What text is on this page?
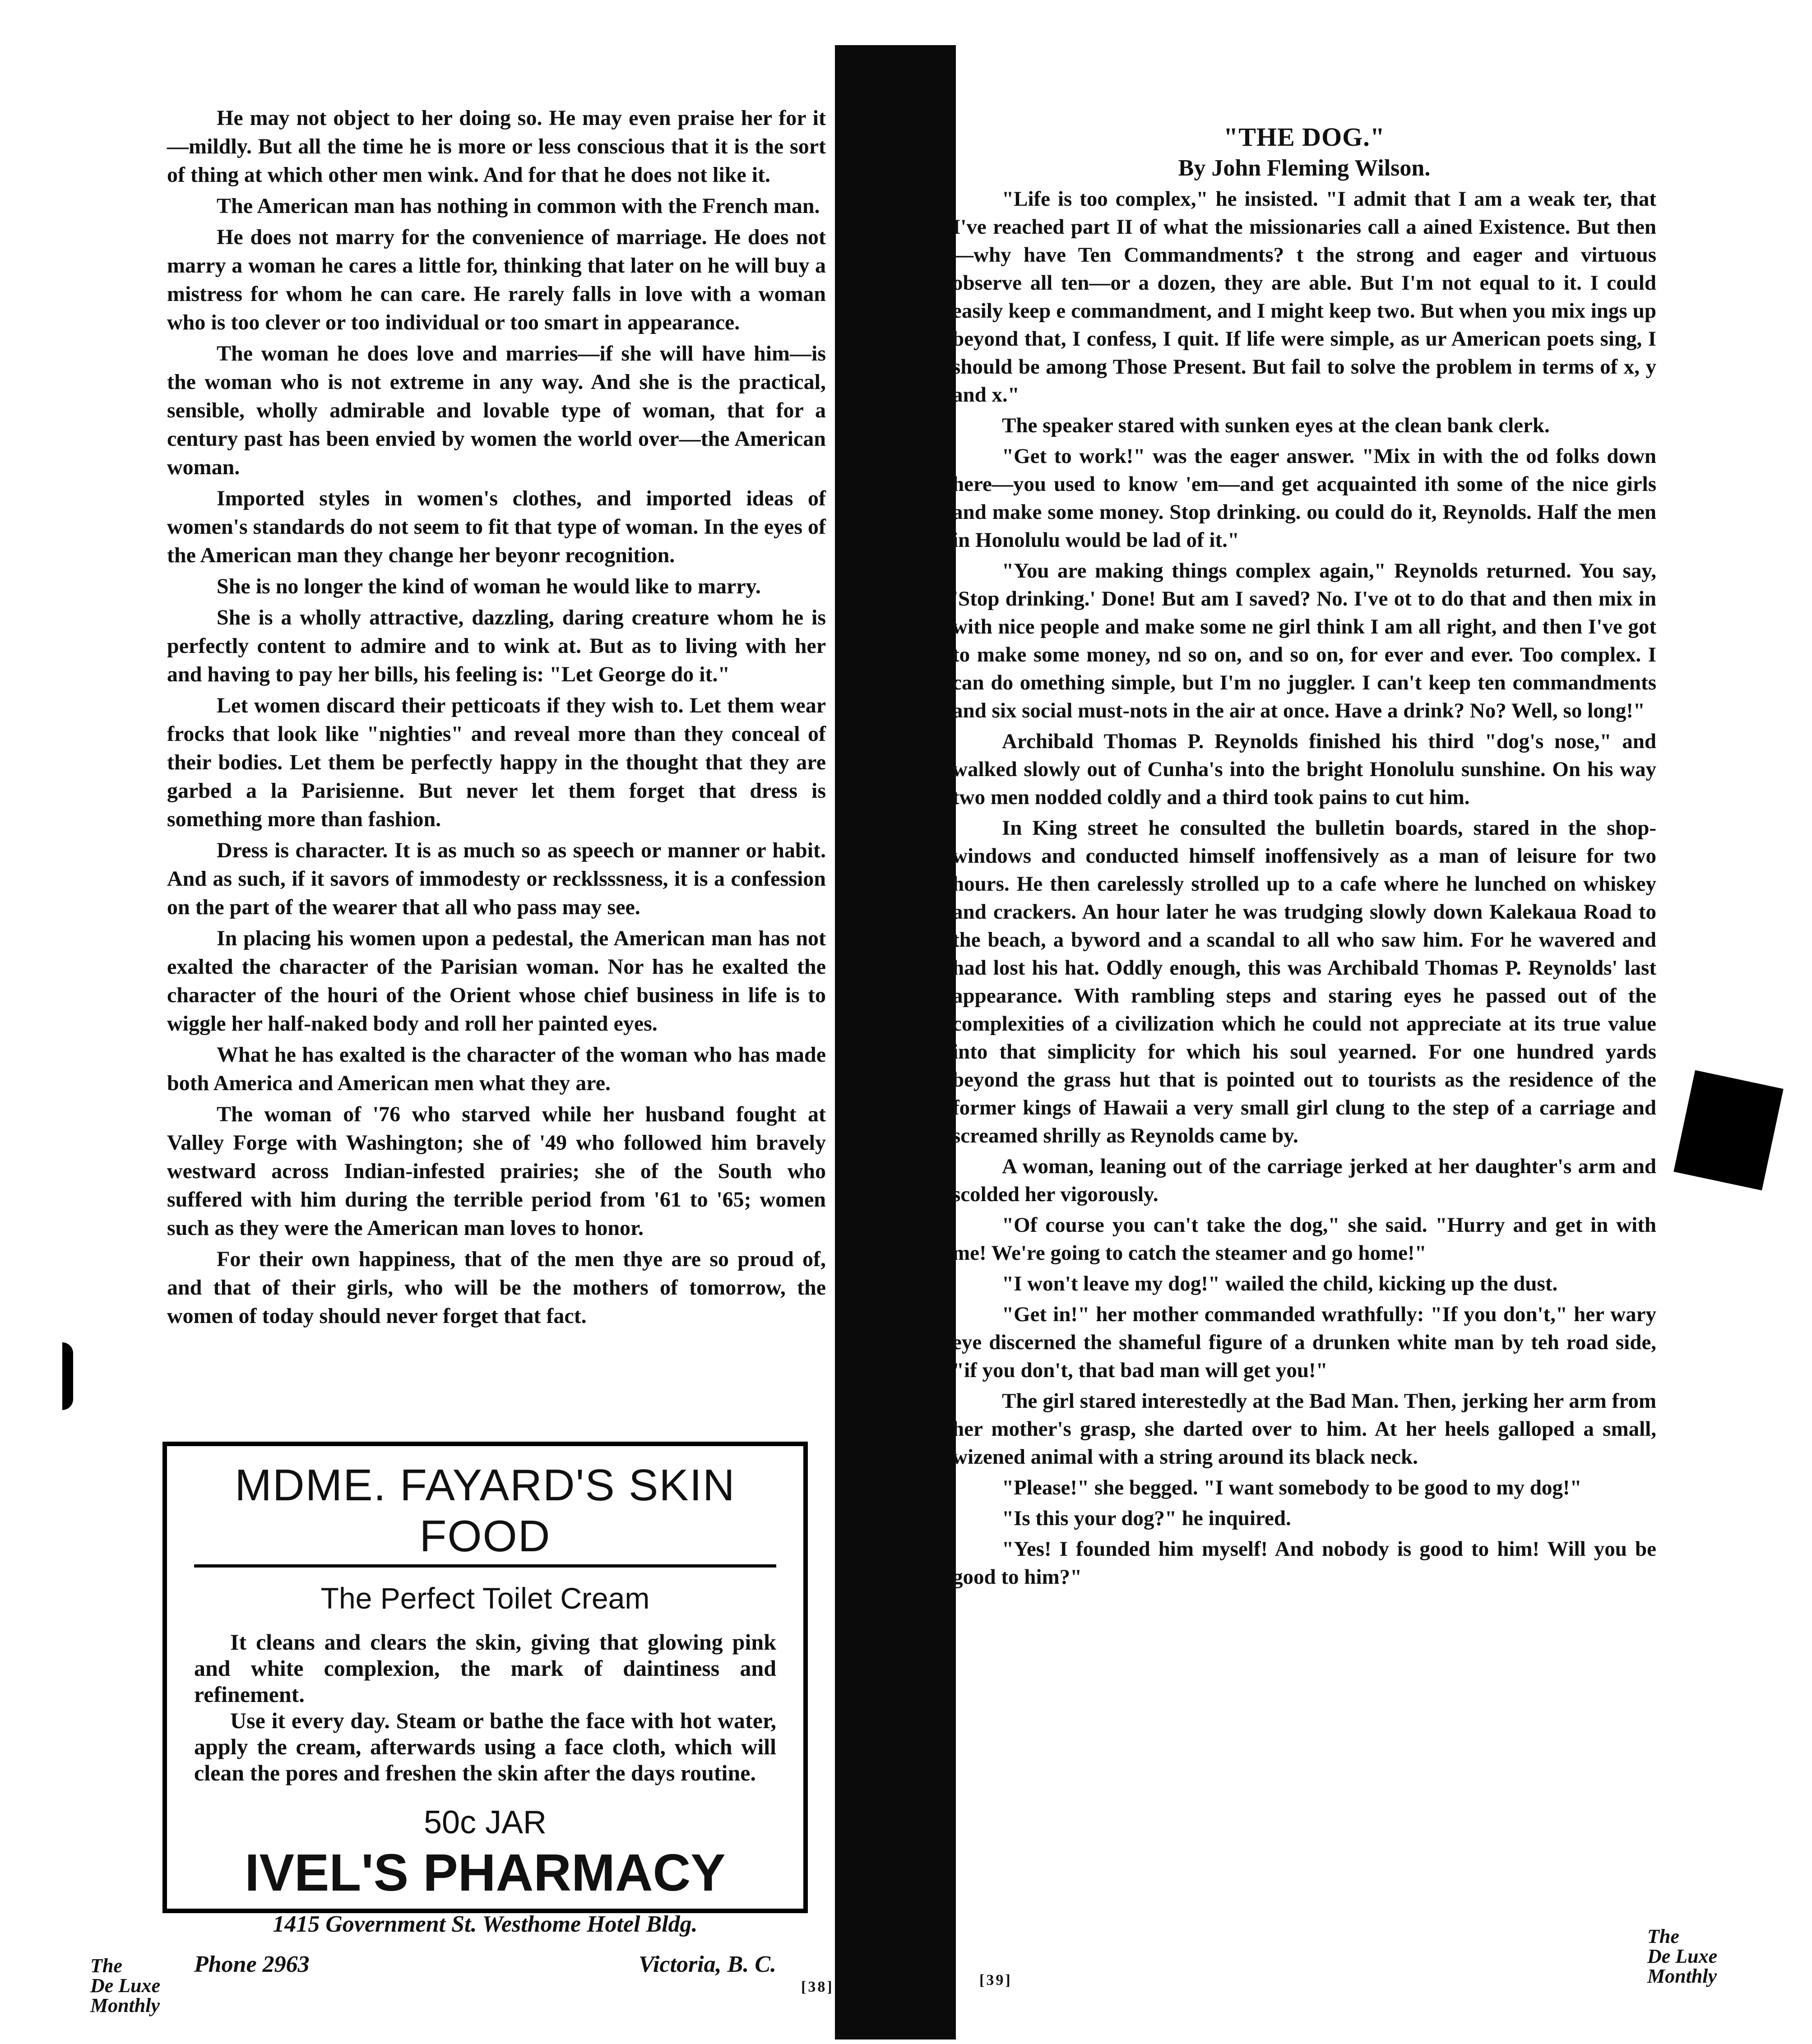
He may not object to her doing so. He may even praise her for it—mildly. But all the time he is more or less conscious that it is the sort of thing at which other men wink. And for that he does not like it.

The American man has nothing in common with the French man.

He does not marry for the convenience of marriage. He does not marry a woman he cares a little for, thinking that later on he will buy a mistress for whom he can care. He rarely falls in love with a woman who is too clever or too individual or too smart in appearance.

The woman he does love and marries—if she will have him—is the woman who is not extreme in any way. And she is the practical, sensible, wholly admirable and lovable type of woman, that for a century past has been envied by women the world over—the American woman.

Imported styles in women's clothes, and imported ideas of women's standards do not seem to fit that type of woman. In the eyes of the American man they change her beyonr recognition.

She is no longer the kind of woman he would like to marry.

She is a wholly attractive, dazzling, daring creature whom he is perfectly content to admire and to wink at. But as to living with her and having to pay her bills, his feeling is: "Let George do it."

Let women discard their petticoats if they wish to. Let them wear frocks that look like "nighties" and reveal more than they conceal of their bodies. Let them be perfectly happy in the thought that they are garbed a la Parisienne. But never let them forget that dress is something more than fashion.

Dress is character. It is as much so as speech or manner or habit. And as such, if it savors of immodesty or recklsssness, it is a confession on the part of the wearer that all who pass may see.

In placing his women upon a pedestal, the American man has not exalted the character of the Parisian woman. Nor has he exalted the character of the houri of the Orient whose chief business in life is to wiggle her half-naked body and roll her painted eyes.

What he has exalted is the character of the woman who has made both America and American men what they are.

The woman of '76 who starved while her husband fought at Valley Forge with Washington; she of '49 who followed him bravely westward across Indian-infested prairies; she of the South who suffered with him during the terrible period from '61 to '65; women such as they were the American man loves to honor.

For their own happiness, that of the men thye are so proud of, and that of their girls, who will be the mothers of tomorrow, the women of today should never forget that fact.

MDME. FAYARD'S SKIN FOOD
The Perfect Toilet Cream

It cleans and clears the skin, giving that glowing pink and white complexion, the mark of daintiness and refinement.

Use it every day. Steam or bathe the face with hot water, apply the cream, afterwards using a face cloth, which will clean the pores and freshen the skin after the days routine.

50c JAR
IVEL'S PHARMACY
1415 Government St. Westhome Hotel Bldg.
Phone 2963	Victoria, B. C.
The
De Luxe
Monthly
[38]
"THE DOG."
By John Fleming Wilson.

"Life is too complex," he insisted. "I admit that I am a weak ter, that I've reached part II of what the missionaries call a ained Existence. But then—why have Ten Commandments? t the strong and eager and virtuous observe all ten—or a dozen, they are able. But I'm not equal to it. I could easily keep e commandment, and I might keep two. But when you mix ings up beyond that, I confess, I quit. If life were simple, as ur American poets sing, I should be among Those Present. But fail to solve the problem in terms of x, y and x."

The speaker stared with sunken eyes at the clean bank clerk.

"Get to work!" was the eager answer. "Mix in with the od folks down here—you used to know 'em—and get acquainted ith some of the nice girls and make some money. Stop drinking. ou could do it, Reynolds. Half the men in Honolulu would be lad of it."

"You are making things complex again," Reynolds returned. You say, 'Stop drinking.' Done! But am I saved? No. I've ot to do that and then mix in with nice people and make some ne girl think I am all right, and then I've got to make some money, nd so on, and so on, for ever and ever. Too complex. I can do omething simple, but I'm no juggler. I can't keep ten commandments and six social must-nots in the air at once. Have a drink? No? Well, so long!"

Archibald Thomas P. Reynolds finished his third "dog's nose," and walked slowly out of Cunha's into the bright Honolulu sunshine. On his way two men nodded coldly and a third took pains to cut him.

In King street he consulted the bulletin boards, stared in the shop-windows and conducted himself inoffensively as a man of leisure for two hours. He then carelessly strolled up to a cafe where he lunched on whiskey and crackers. An hour later he was trudging slowly down Kalekaua Road to the beach, a byword and a scandal to all who saw him. For he wavered and had lost his hat. Oddly enough, this was Archibald Thomas P. Reynolds' last appearance. With rambling steps and staring eyes he passed out of the complexities of a civilization which he could not appreciate at its true value into that simplicity for which his soul yearned. For one hundred yards beyond the grass hut that is pointed out to tourists as the residence of the former kings of Hawaii a very small girl clung to the step of a carriage and screamed shrilly as Reynolds came by.

A woman, leaning out of the carriage jerked at her daughter's arm and scolded her vigorously.

"Of course you can't take the dog," she said. "Hurry and get in with me! We're going to catch the steamer and go home!"

"I won't leave my dog!" wailed the child, kicking up the dust.

"Get in!" her mother commanded wrathfully: "If you don't," her wary eye discerned the shameful figure of a drunken white man by teh road side, "if you don't, that bad man will get you!"

The girl stared interestedly at the Bad Man. Then, jerking her arm from her mother's grasp, she darted over to him. At her heels galloped a small, wizened animal with a string around its black neck.

"Please!" she begged. "I want somebody to be good to my dog!"

"Is this your dog?" he inquired.

"Yes! I founded him myself! And nobody is good to him! Will you be good to him?"

[39]
The
De Luxe
Monthly
